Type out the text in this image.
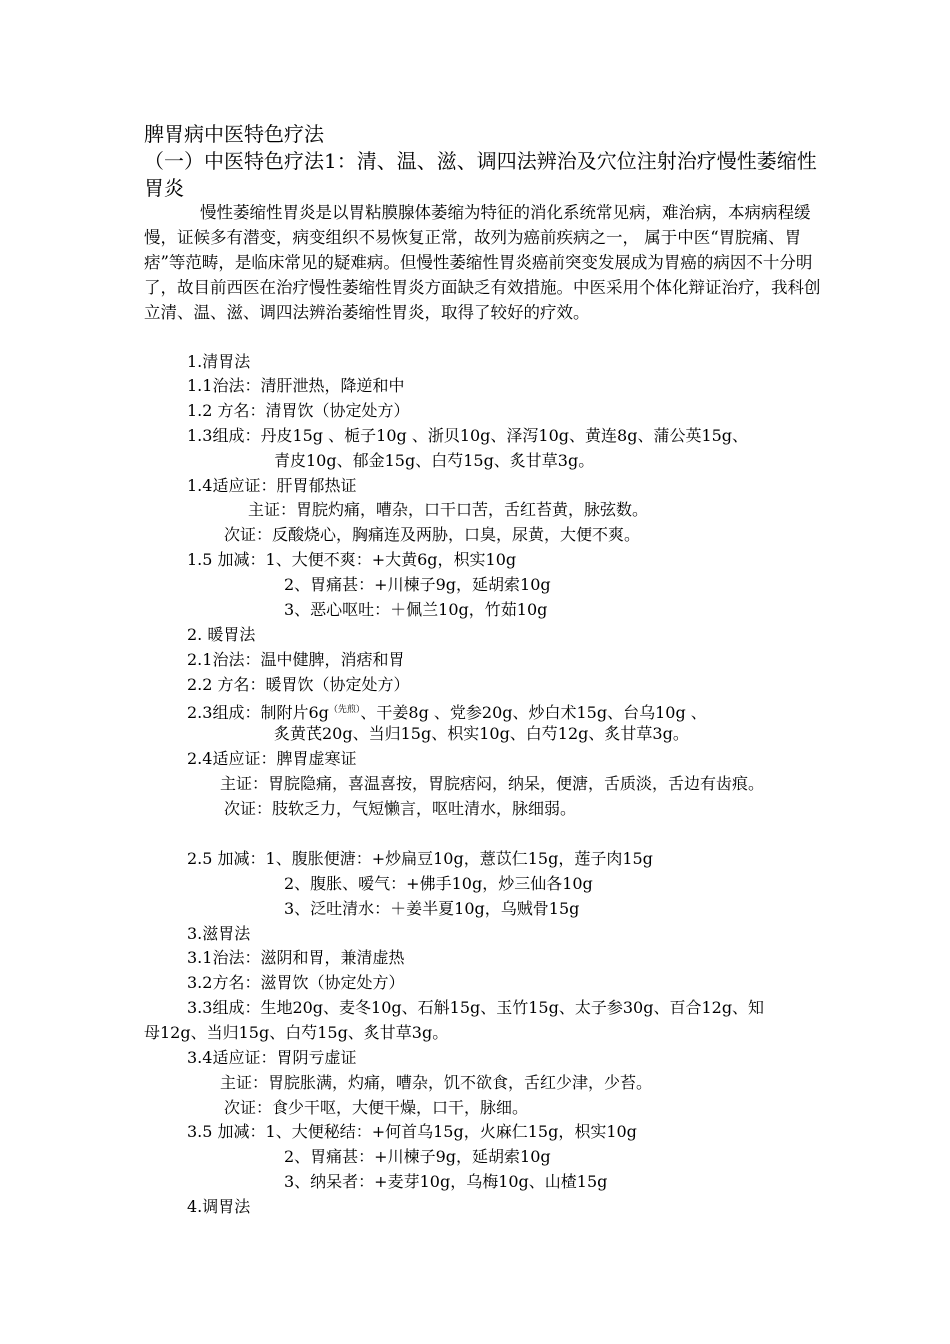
脾胃病中医特色疗法
（一）中医特色疗法1：清、温、滋、调四法辨治及穴位注射治疗慢性萎缩性胃炎
慢性萎缩性胃炎是以胃粘膜腺体萎缩为特征的消化系统常见病，难治病，本病病程缓慢，证候多有潜变，病变组织不易恢复正常，故列为癌前疾病之一， 属于中医“胃脘痛、胃痞”等范畴，是临床常见的疑难病。但慢性萎缩性胃炎癌前突变发展成为胃癌的病因不十分明了，故目前西医在治疗慢性萎缩性胃炎方面缺乏有效措施。中医采用个体化辩证治疗，我科创立清、温、滋、调四法辨治萎缩性胃炎，取得了较好的疗效。
1.清胃法
1.1治法：清肝泄热，降逆和中
1.2 方名：清胃饮（协定处方）
1.3组成：丹皮15g 、栀子10g 、浙贝10g、泽泻10g、黄连8g、蒲公英15g、
青皮10g、郁金15g、白芍15g、炙甘草3g。
1.4适应证：肝胃郁热证
主证：胃脘灼痛，嘈杂，口干口苦，舌红苔黄，脉弦数。
次证：反酸烧心，胸痛连及两胁，口臭，尿黄，大便不爽。
1.5 加减：1、大便不爽：+大黄6g，枳实10g
2、胃痛甚：+川楝子9g，延胡索10g
3、恶心呕吐：＋佩兰10g，竹茹10g
2. 暖胃法
2.1治法：温中健脾，消痞和胃
2.2 方名：暖胃饮（协定处方）
2.3组成：制附片$6g^{(先煎)}$、干姜8g 、党参20g、炒白术15g、台乌10g 、
炙黄芪20g、当归15g、枳实10g、白芍12g、炙甘草3g。
2.4适应证：脾胃虚寒证
主证：胃脘隐痛，喜温喜按，胃脘痞闷，纳呆，便溏，舌质淡，舌边有齿痕。
次证：肢软乏力，气短懒言，呕吐清水，脉细弱。
2.5 加减：1、腹胀便溏：+炒扁豆10g，薏苡仁15g，莲子肉15g
2、腹胀、嗳气：+佛手10g，炒三仙各10g
3、泛吐清水：＋姜半夏10g，乌贼骨15g
3.滋胃法
3.1治法：滋阴和胃，兼清虚热
3.2方名：滋胃饮（协定处方）
3.3组成：生地20g、麦冬10g、石斛15g、玉竹15g、太子参30g、百合12g、知
母12g、当归15g、白芍15g、炙甘草3g。
3.4适应证：胃阴亏虚证
主证：胃脘胀满，灼痛，嘈杂，饥不欲食，舌红少津，少苔。
次证：食少干呕，大便干燥，口干，脉细。
3.5 加减：1、大便秘结：+何首乌15g，火麻仁15g，枳实10g
2、胃痛甚：+川楝子9g，延胡索10g
3、纳呆者：+麦芽10g，乌梅10g、山楂15g
4.调胃法
